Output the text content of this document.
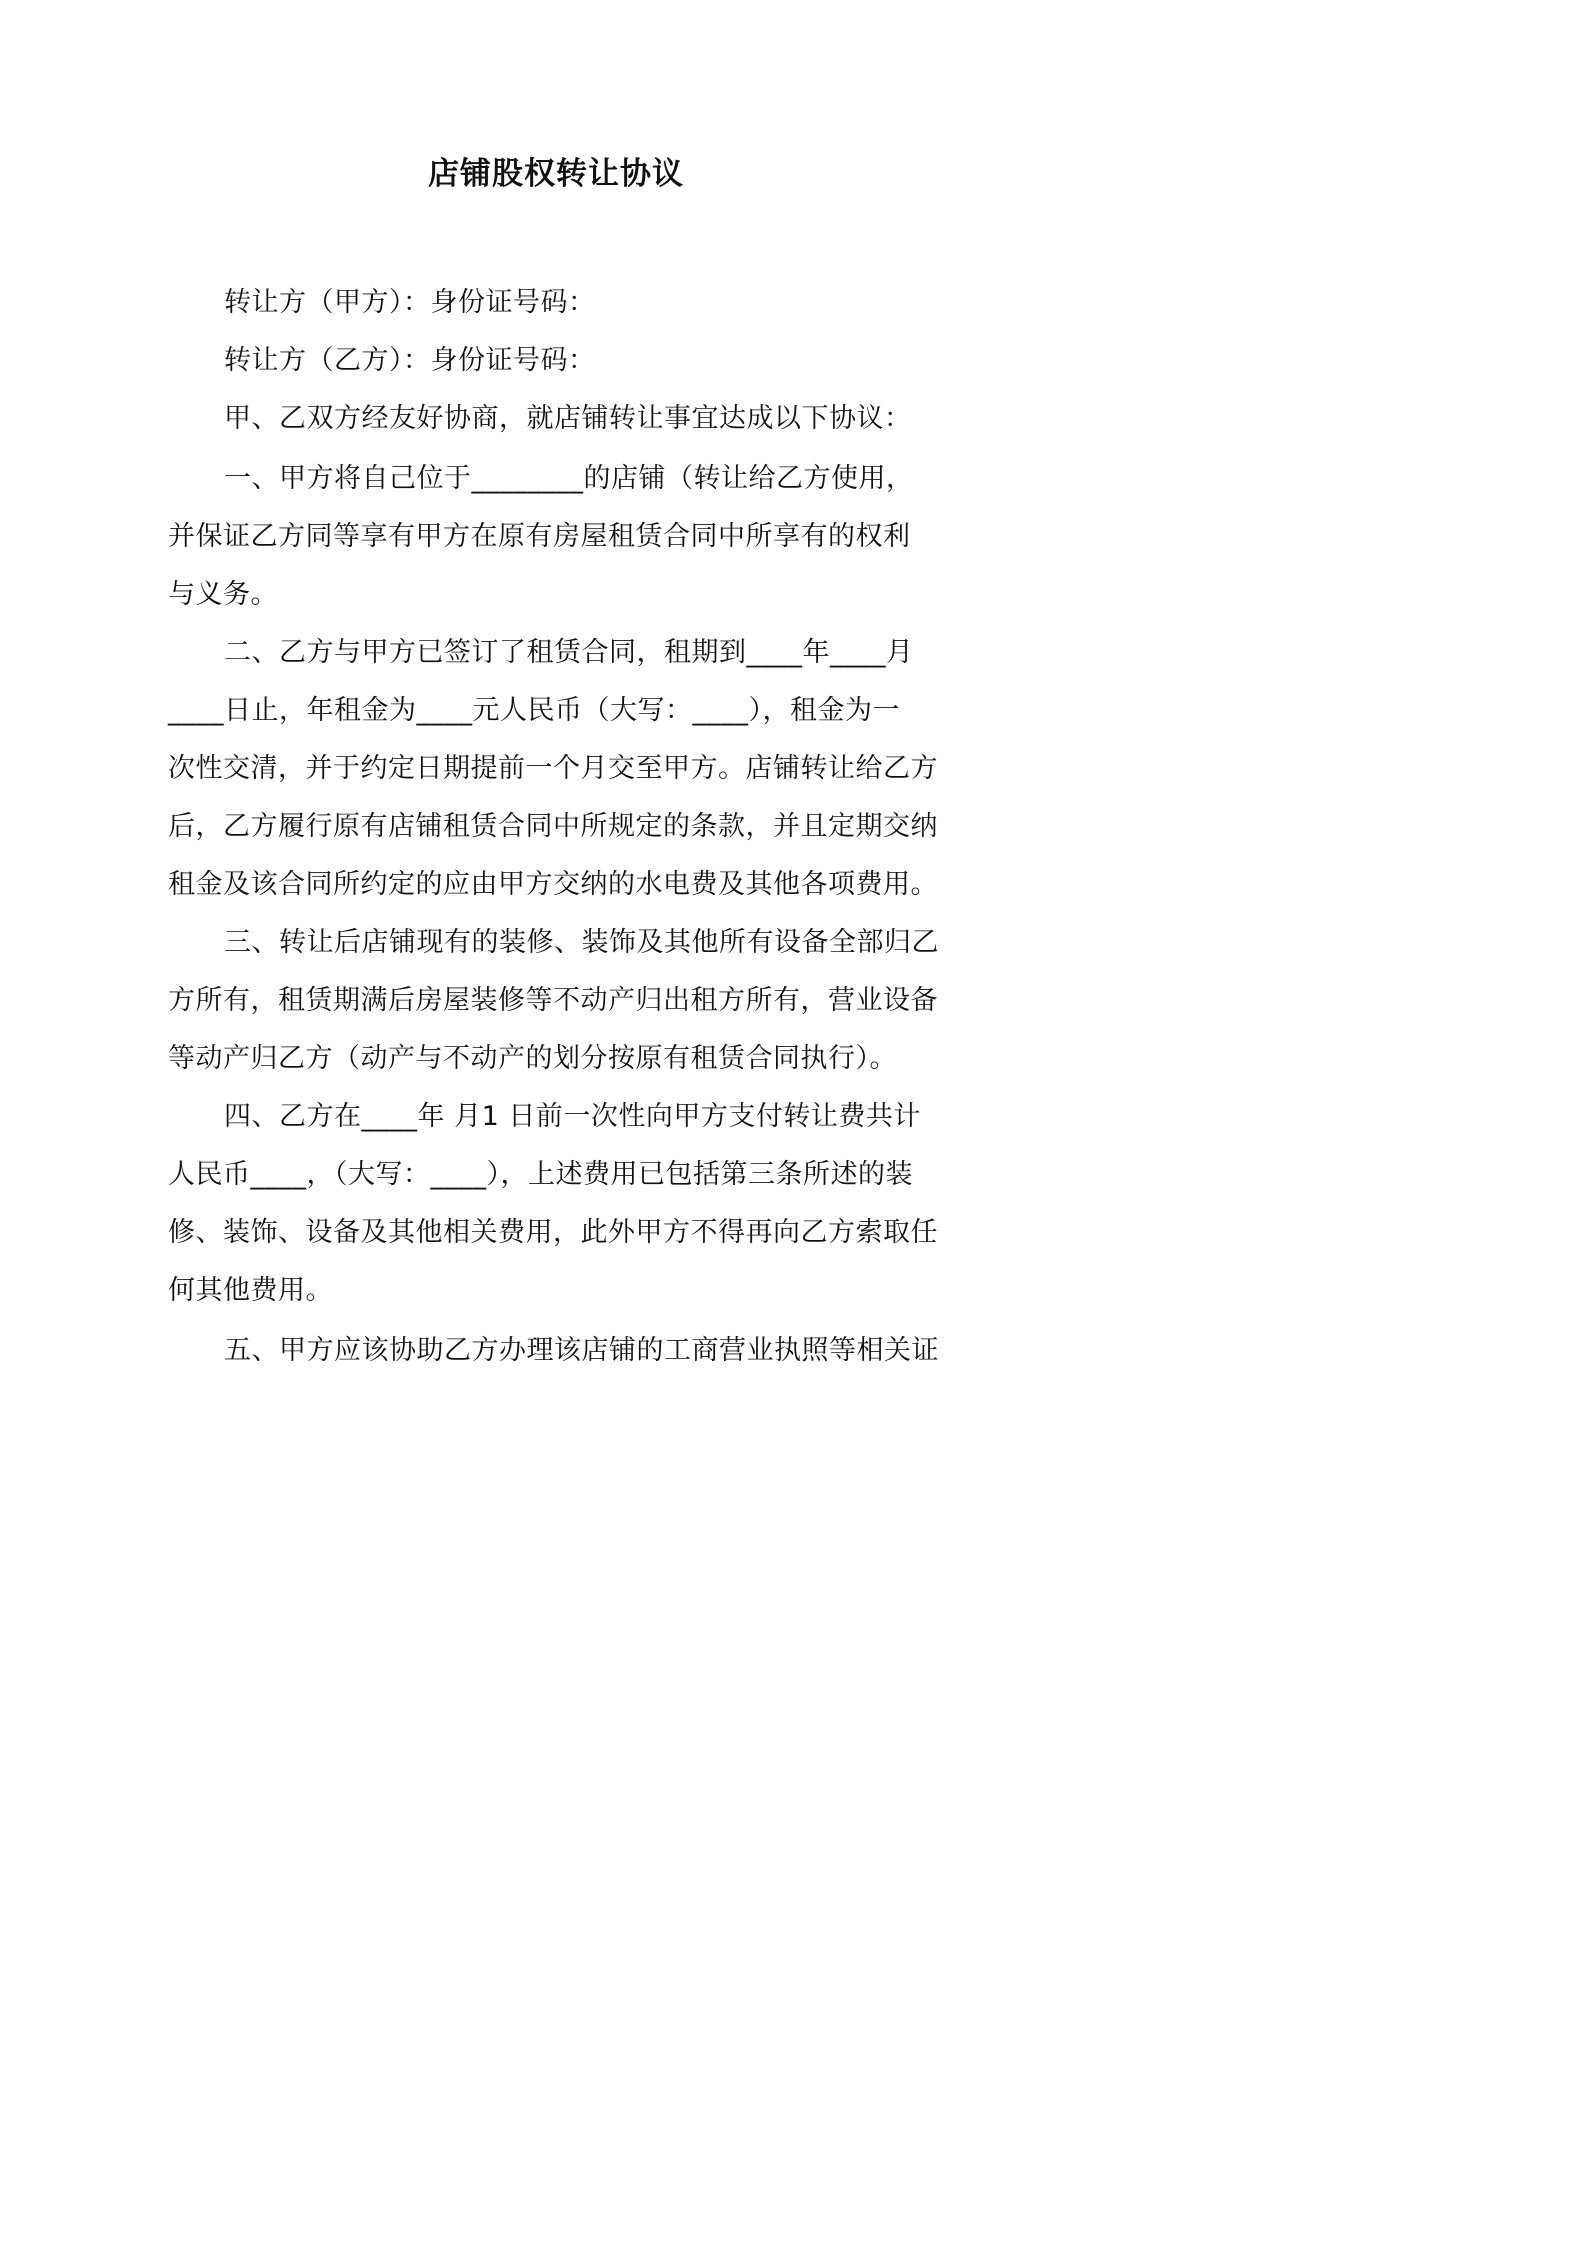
店铺股权转让协议
转让方（甲方）：身份证号码：
转让方（乙方）：身份证号码：
甲、乙双方经友好协商，就店铺转让事宜达成以下协议：
一、甲方将自己位于________的店铺（转让给乙方使用，
并保证乙方同等享有甲方在原有房屋租赁合同中所享有的权利
与义务。
二、乙方与甲方已签订了租赁合同，租期到____年____月
____日止，年租金为____元人民币（大写：____），租金为一
次性交清，并于约定日期提前一个月交至甲方。店铺转让给乙方
后，乙方履行原有店铺租赁合同中所规定的条款，并且定期交纳
租金及该合同所约定的应由甲方交纳的水电费及其他各项费用。
三、转让后店铺现有的装修、装饰及其他所有设备全部归乙
方所有，租赁期满后房屋装修等不动产归出租方所有，营业设备
等动产归乙方（动产与不动产的划分按原有租赁合同执行）。
四、乙方在____年 月1 日前一次性向甲方支付转让费共计
人民币____，（大写：____），上述费用已包括第三条所述的装
修、装饰、设备及其他相关费用，此外甲方不得再向乙方索取任
何其他费用。
五、甲方应该协助乙方办理该店铺的工商营业执照等相关证
